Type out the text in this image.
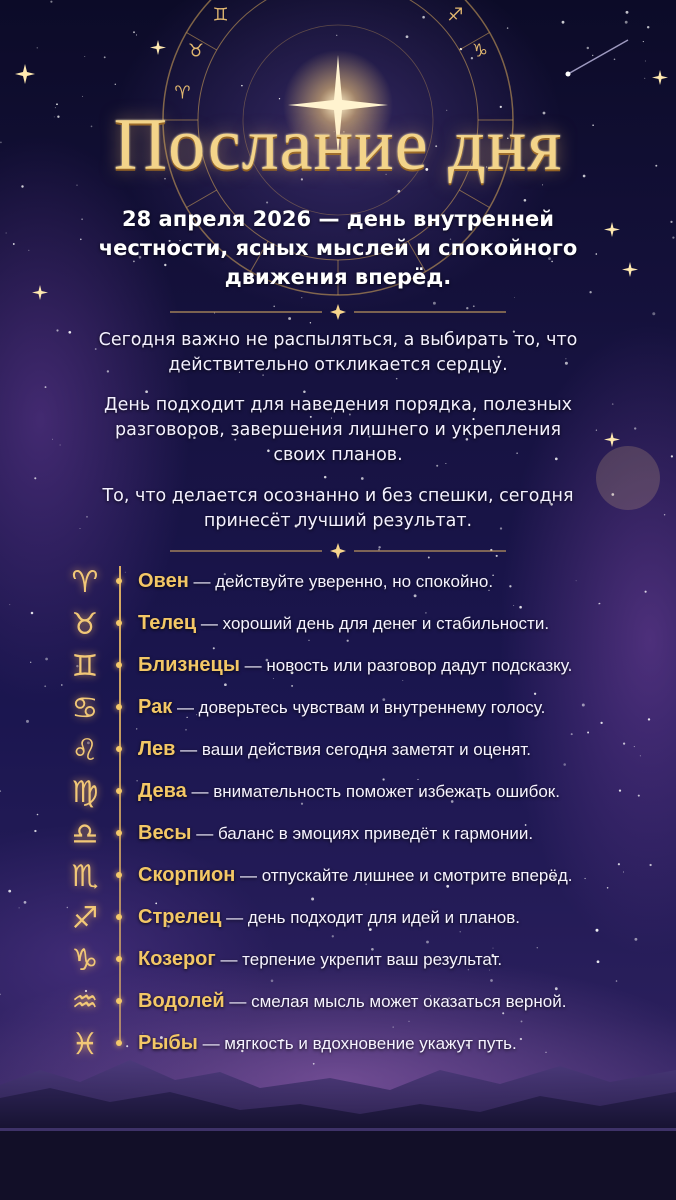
♈
♉
♊	♐
♑
Послание дня
28 апреля 2026 — день внутренней честности, ясных мыслей и спокойного движения вперёд.
Сегодня важно не распыляться, а выбирать то, что действительно откликается сердцу.
День подходит для наведения порядка, полезных разговоров, завершения лишнего и укрепления своих планов.
То, что делается осознанно и без спешки, сегодня принесёт лучший результат.
♈	Овен — действуйте уверенно, но спокойно.
♉	Телец — хороший день для денег и стабильности.
♊	Близнецы — новость или разговор дадут подсказку.
♋	Рак — доверьтесь чувствам и внутреннему голосу.
♌	Лев — ваши действия сегодня заметят и оценят.
♍	Дева — внимательность поможет избежать ошибок.
♎	Весы — баланс в эмоциях приведёт к гармонии.
♏	Скорпион — отпускайте лишнее и смотрите вперёд.
♐	Стрелец — день подходит для идей и планов.
♑	Козерог — терпение укрепит ваш результат.
♒	Водолей — смелая мысль может оказаться верной.
♓	Рыбы — мягкость и вдохновение укажут путь.
